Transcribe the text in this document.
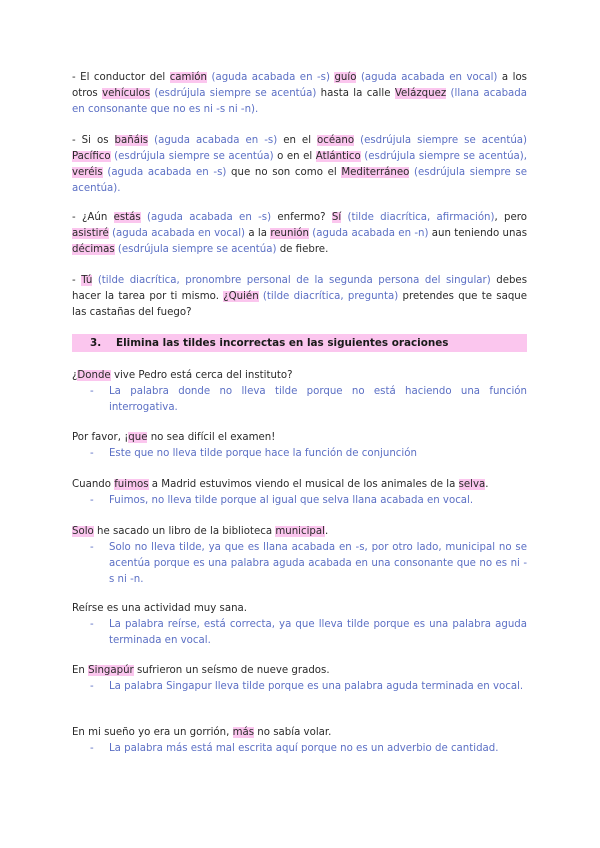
- El conductor del camión (aguda acabada en -s) guío (aguda acabada en vocal) a los otros vehículos (esdrújula siempre se acentúa) hasta la calle Velázquez (llana acabada en consonante que no es ni -s ni -n).
- Si os bañáis (aguda acabada en -s) en el océano (esdrújula siempre se acentúa) Pacífico (esdrújula siempre se acentúa) o en el Atlántico (esdrújula siempre se acentúa), veréis (aguda acabada en -s) que no son como el Mediterráneo (esdrújula siempre se acentúa).
- ¿Aún estás (aguda acabada en -s) enfermo? Sí (tilde diacrítica, afirmación), pero asistiré (aguda acabada en vocal) a la reunión (aguda acabada en -n) aun teniendo unas décimas (esdrújula siempre se acentúa) de fiebre.
- Tú (tilde diacrítica, pronombre personal de la segunda persona del singular) debes hacer la tarea por ti mismo. ¿Quién (tilde diacrítica, pregunta) pretendes que te saque las castañas del fuego?
3. Elimina las tildes incorrectas en las siguientes oraciones
¿Donde vive Pedro está cerca del instituto?
-	La palabra donde no lleva tilde porque no está haciendo una función interrogativa.
Por favor, ¡que no sea difícil el examen!
-	Este que no lleva tilde porque hace la función de conjunción
Cuando fuimos a Madrid estuvimos viendo el musical de los animales de la selva.
-	Fuimos, no lleva tilde porque al igual que selva llana acabada en vocal.
Solo he sacado un libro de la biblioteca municipal.
-	Solo no lleva tilde, ya que es llana acabada en -s, por otro lado, municipal no se acentúa porque es una palabra aguda acabada en una consonante que no es ni -s ni -n.
Reírse es una actividad muy sana.
-	La palabra reírse, está correcta, ya que lleva tilde porque es una palabra aguda terminada en vocal.
En Singapúr sufrieron un seísmo de nueve grados.
-	La palabra Singapur lleva tilde porque es una palabra aguda terminada en vocal.
En mi sueño yo era un gorrión, más no sabía volar.
-	La palabra más está mal escrita aquí porque no es un adverbio de cantidad.
